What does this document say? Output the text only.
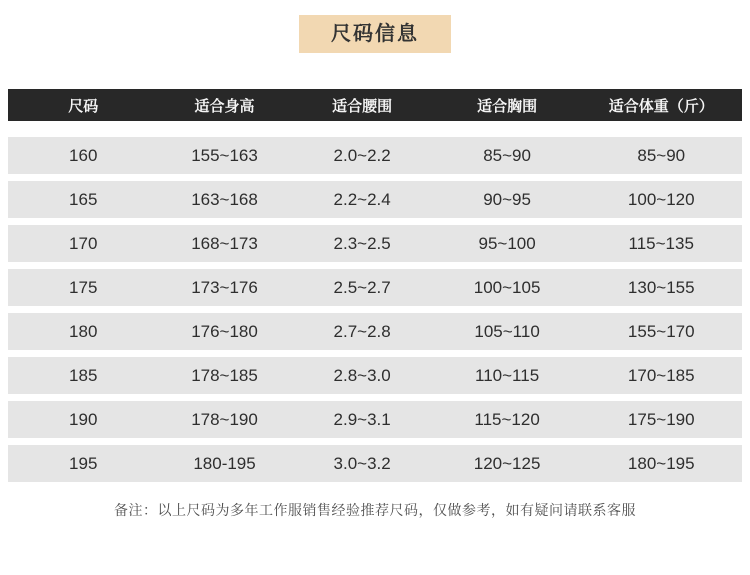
尺码信息
尺码	适合身高	适合腰围	适合胸围	适合体重（斤）
160	155~163	2.0~2.2	85~90	85~90
165	163~168	2.2~2.4	90~95	100~120
170	168~173	2.3~2.5	95~100	115~135
175	173~176	2.5~2.7	100~105	130~155
180	176~180	2.7~2.8	105~110	155~170
185	178~185	2.8~3.0	110~115	170~185
190	178~190	2.9~3.1	115~120	175~190
195	180-195	3.0~3.2	120~125	180~195
备注：以上尺码为多年工作服销售经验推荐尺码，仅做参考，如有疑问请联系客服
